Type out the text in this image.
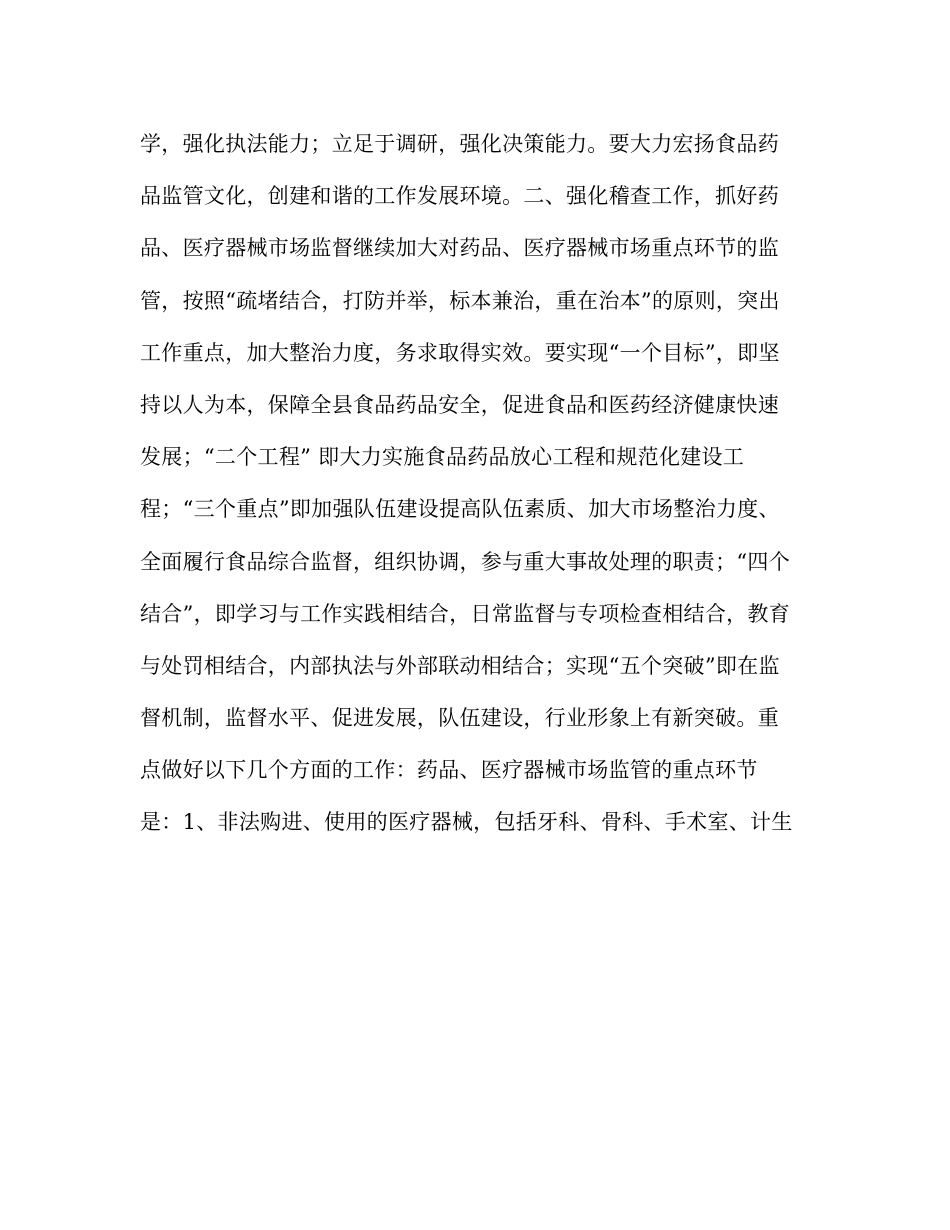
学，强化执法能力；立足于调研，强化决策能力。要大力宏扬食品药
品监管文化，创建和谐的工作发展环境。二、强化稽查工作，抓好药
品、医疗器械市场监督继续加大对药品、医疗器械市场重点环节的监
管，按照“疏堵结合，打防并举，标本兼治，重在治本”的原则，突出
工作重点，加大整治力度，务求取得实效。要实现“一个目标”，即坚
持以人为本，保障全县食品药品安全，促进食品和医药经济健康快速
发展；“二个工程” 即大力实施食品药品放心工程和规范化建设工
程；“三个重点”即加强队伍建设提高队伍素质、加大市场整治力度、
全面履行食品综合监督，组织协调，参与重大事故处理的职责；“四个
结合”，即学习与工作实践相结合，日常监督与专项检查相结合，教育
与处罚相结合，内部执法与外部联动相结合；实现“五个突破”即在监
督机制，监督水平、促进发展，队伍建设，行业形象上有新突破。重
点做好以下几个方面的工作：药品、医疗器械市场监管的重点环节
是：1、非法购进、使用的医疗器械，包括牙科、骨科、手术室、计生
